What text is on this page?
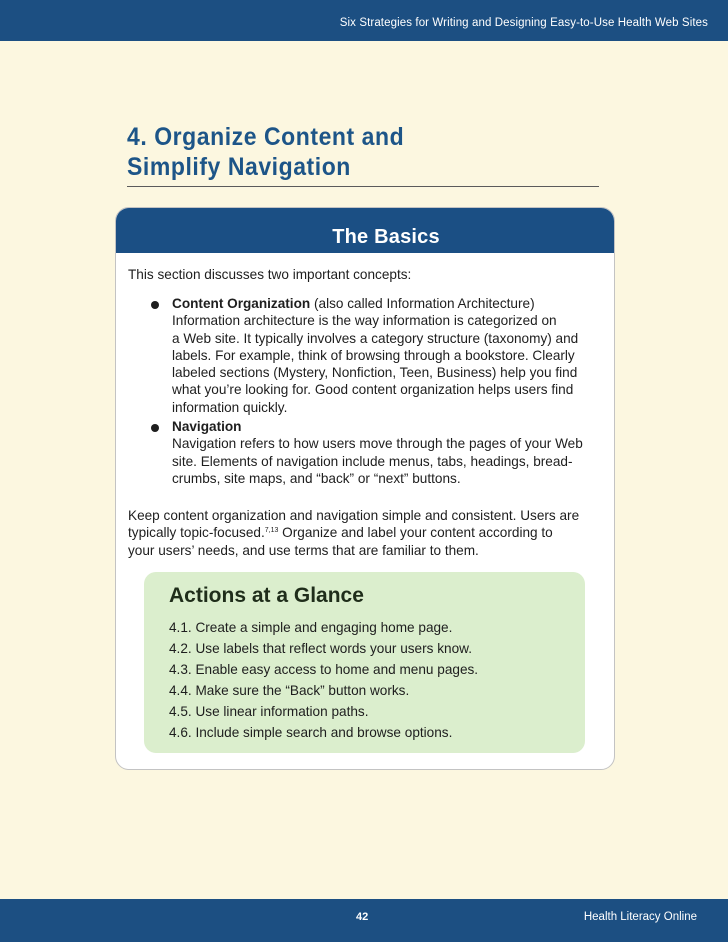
Six Strategies for Writing and Designing Easy-to-Use Health Web Sites
4. Organize Content and
Simplify Navigation
The Basics
This section discusses two important concepts:
Content Organization (also called Information Architecture)
Information architecture is the way information is categorized on
a Web site. It typically involves a category structure (taxonomy) and
labels. For example, think of browsing through a bookstore. Clearly
labeled sections (Mystery, Nonfiction, Teen, Business) help you find
what you’re looking for. Good content organization helps users find
information quickly.
Navigation
Navigation refers to how users move through the pages of your Web
site. Elements of navigation include menus, tabs, headings, bread-
crumbs, site maps, and “back” or “next” buttons.
Keep content organization and navigation simple and consistent. Users are
typically topic-focused.$^{7,13}$ Organize and label your content according to
your users’ needs, and use terms that are familiar to them.
Actions at a Glance
4.1. Create a simple and engaging home page.
4.2. Use labels that reflect words your users know.
4.3. Enable easy access to home and menu pages.
4.4. Make sure the “Back” button works.
4.5. Use linear information paths.
4.6. Include simple search and browse options.
42	Health Literacy Online
